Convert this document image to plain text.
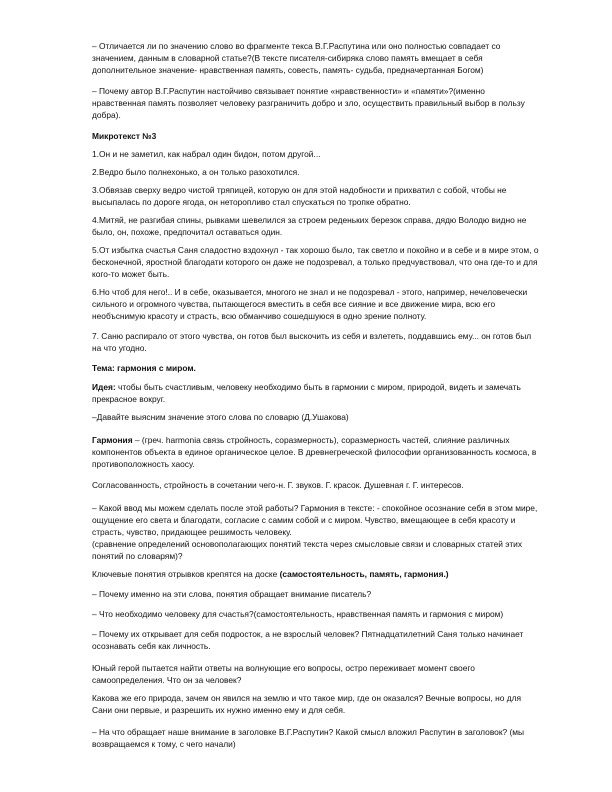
– Отличается ли по значению слово во фрагменте текса В.Г.Распутина или оно полностью совпадает со значением, данным в словарной статье?(В тексте писателя-сибиряка слово память вмещает в себя дополнительное значение- нравственная память, совесть, память- судьба, предначертанная Богом)

– Почему автор В.Г.Распутин настойчиво связывает понятие «нравственности» и «памяти»?(именно нравственная память позволяет человеку разграничить добро и зло, осуществить правильный выбор в пользу добра).

Микротекст №3

1.Он и не заметил, как набрал один бидон, потом другой...

2.Ведро было полнехонько, а он только разохотился.

3.Обвязав сверху ведро чистой тряпицей, которую он для этой надобности и прихватил с собой, чтобы не высыпалась по дороге ягода, он неторопливо стал спускаться по тропке обратно.

4.Митяй, не разгибая спины, рывками шевелился за строем реденьких березок справа, дядю Володю видно не было, он, похоже, предпочитал оставаться один.

5.От избытка счастья Саня сладостно вздохнул - так хорошо было, так светло и покойно и в себе и в мире этом, о бесконечной, яростной благодати которого он даже не подозревал, а только предчувствовал, что она где-то и для кого-то может быть.

6.Но чтоб для него!.. И в себе, оказывается, многого не знал и не подозревал - этого, например, нечеловечески сильного и огромного чувства, пытающегося вместить в себя все сияние и все движение мира, всю его необъснимую красоту и страсть, всю обманчиво сошедшуюся в одно зрение полноту.

7. Саню распирало от этого чувства, он готов был выскочить из себя и взлететь, поддавшись ему... он готов был на что угодно.

Тема: гармония с миром.

Идея: чтобы быть счастливым, человеку необходимо быть в гармонии с миром, природой, видеть и замечать прекрасное вокруг.

–Давайте выясним значение этого слова по словарю (Д.Ушакова)

Гармония – (греч. harmonia связь стройность, соразмерность), соразмерность частей, слияние различных компонентов объекта в единое органическое целое. В древнегреческой философии организованность космоса, в противоположность хаосу.

Согласованность, стройность в сочетании чего-н. Г. звуков. Г. красок. Душевная г. Г. интересов.

– Какой ввод мы можем сделать после этой работы? Гармония в тексте: - спокойное осознание себя в этом мире, ощущение его света и благодати, согласие с самим собой и с миром. Чувство, вмещающее в себя красоту и страсть, чувство, придающее решимость человеку.

(сравнение определений основополагающих понятий текста через смысловые связи и словарных статей этих понятий по словарям)?

Ключевые понятия отрывков крепятся на доске (самостоятельность, память, гармония.)

– Почему именно на эти слова, понятия обращает внимание писатель?

– Что необходимо человеку для счастья?(самостоятельность, нравственная память и гармония с миром)

– Почему их открывает для себя подросток, а не взрослый человек? Пятнадцатилетний Саня только начинает осознавать себя как личность.

Юный герой пытается найти ответы на волнующие его вопросы, остро переживает момент своего самоопределения. Что он за человек?

Какова же его природа, зачем он явился на землю и что такое мир, где он оказался? Вечные вопросы, но для Сани они первые, и разрешить их нужно именно ему и для себя.

– На что обращает наше внимание в заголовке В.Г.Распутин? Какой смысл вложил Распутин в заголовок? (мы возвращаемся к тому, с чего начали)
